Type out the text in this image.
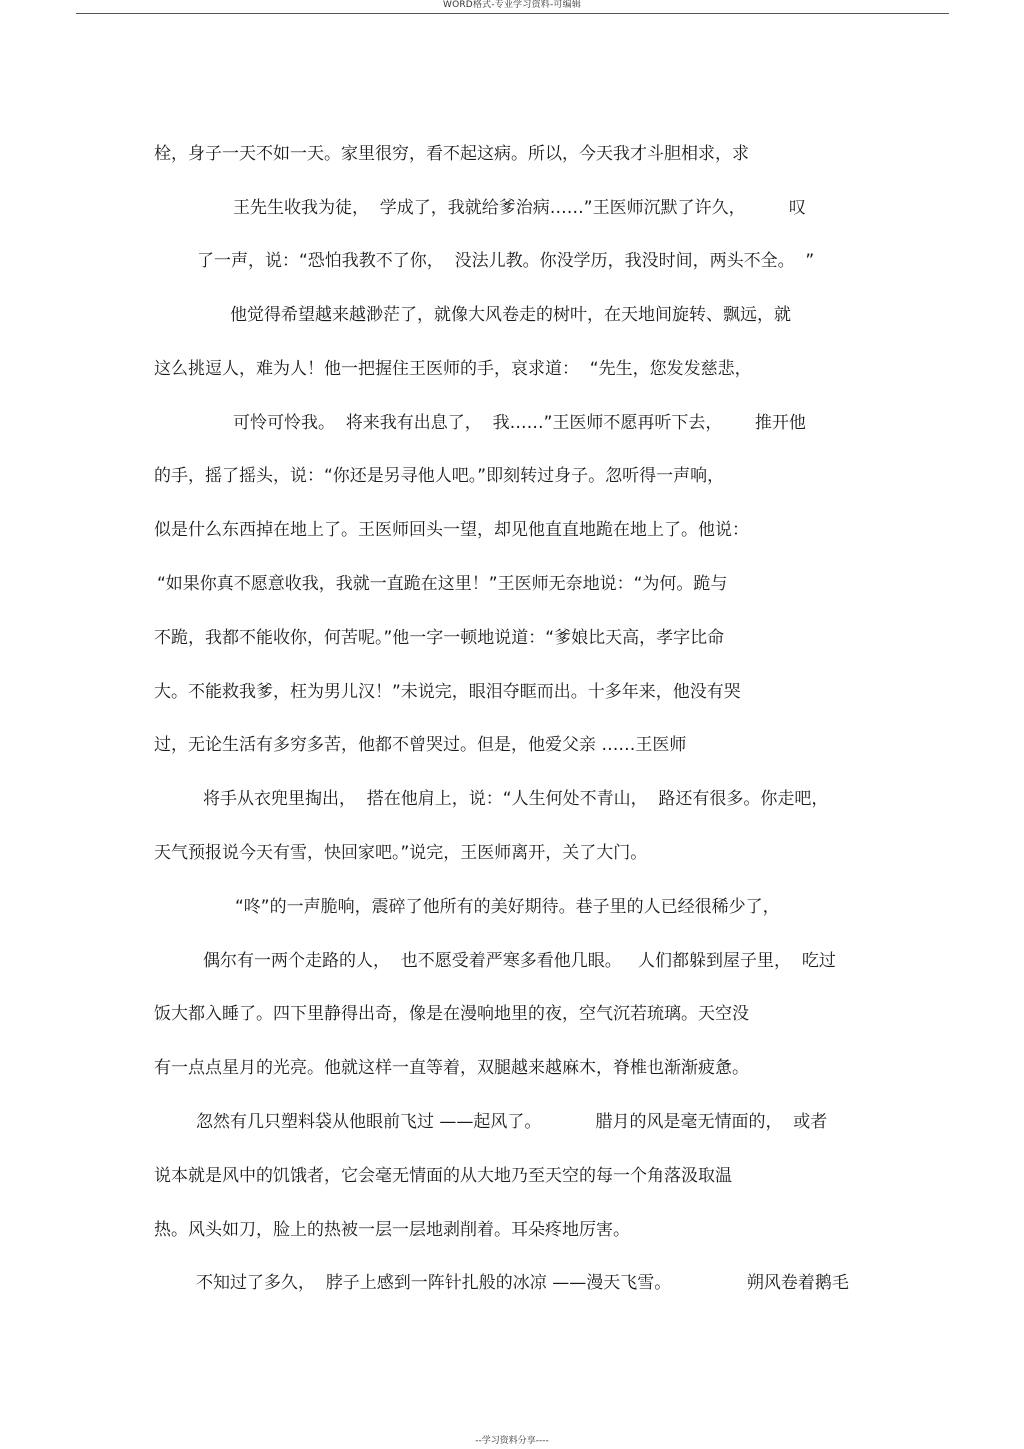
WORD格式-专业学习资料-可编辑
栓，身子一天不如一天。家里很穷，看不起这病。所以，今天我才斗胆相求，求
王先生收我为徒，  学成了，我就给爹治病……”王医师沉默了许久，        叹
了一声，说：“恐怕我教不了你，  没法儿教。你没学历，我没时间，两头不全。  ”
他觉得希望越来越渺茫了，就像大风卷走的树叶，在天地间旋转、飘远，就
这么挑逗人，难为人！他一把握住王医师的手，哀求道：  “先生，您发发慈悲，
可怜可怜我。  将来我有出息了，  我……”王医师不愿再听下去，      推开他
的手，摇了摇头，说：“你还是另寻他人吧。”即刻转过身子。忽听得一声响，
似是什么东西掉在地上了。王医师回头一望，却见他直直地跪在地上了。他说：
“如果你真不愿意收我，我就一直跪在这里！”王医师无奈地说：“为何。跪与
不跪，我都不能收你，何苦呢。”他一字一顿地说道：“爹娘比天高，孝字比命
大。不能救我爹，枉为男儿汉！”未说完，眼泪夺眶而出。十多年来，他没有哭
过，无论生活有多穷多苦，他都不曾哭过。但是，他爱父亲 ……王医师
将手从衣兜里掏出，  搭在他肩上，说：“人生何处不青山，  路还有很多。你走吧，
天气预报说今天有雪，快回家吧。”说完，王医师离开，关了大门。
“咚”的一声脆响，震碎了他所有的美好期待。巷子里的人已经很稀少了，
偶尔有一两个走路的人，  也不愿受着严寒多看他几眼。   人们都躲到屋子里，  吃过
饭大都入睡了。四下里静得出奇，像是在漫响地里的夜，空气沉若琉璃。天空没
有一点点星月的光亮。他就这样一直等着，双腿越来越麻木，脊椎也渐渐疲惫。
忽然有几只塑料袋从他眼前飞过 ——起风了。          腊月的风是毫无情面的，  或者
说本就是风中的饥饿者，它会毫无情面的从大地乃至天空的每一个角落汲取温
热。风头如刀，脸上的热被一层一层地剥削着。耳朵疼地厉害。
不知过了多久，  脖子上感到一阵针扎般的冰凉 ——漫天飞雪。              朔风卷着鹅毛
--学习资料分享----
